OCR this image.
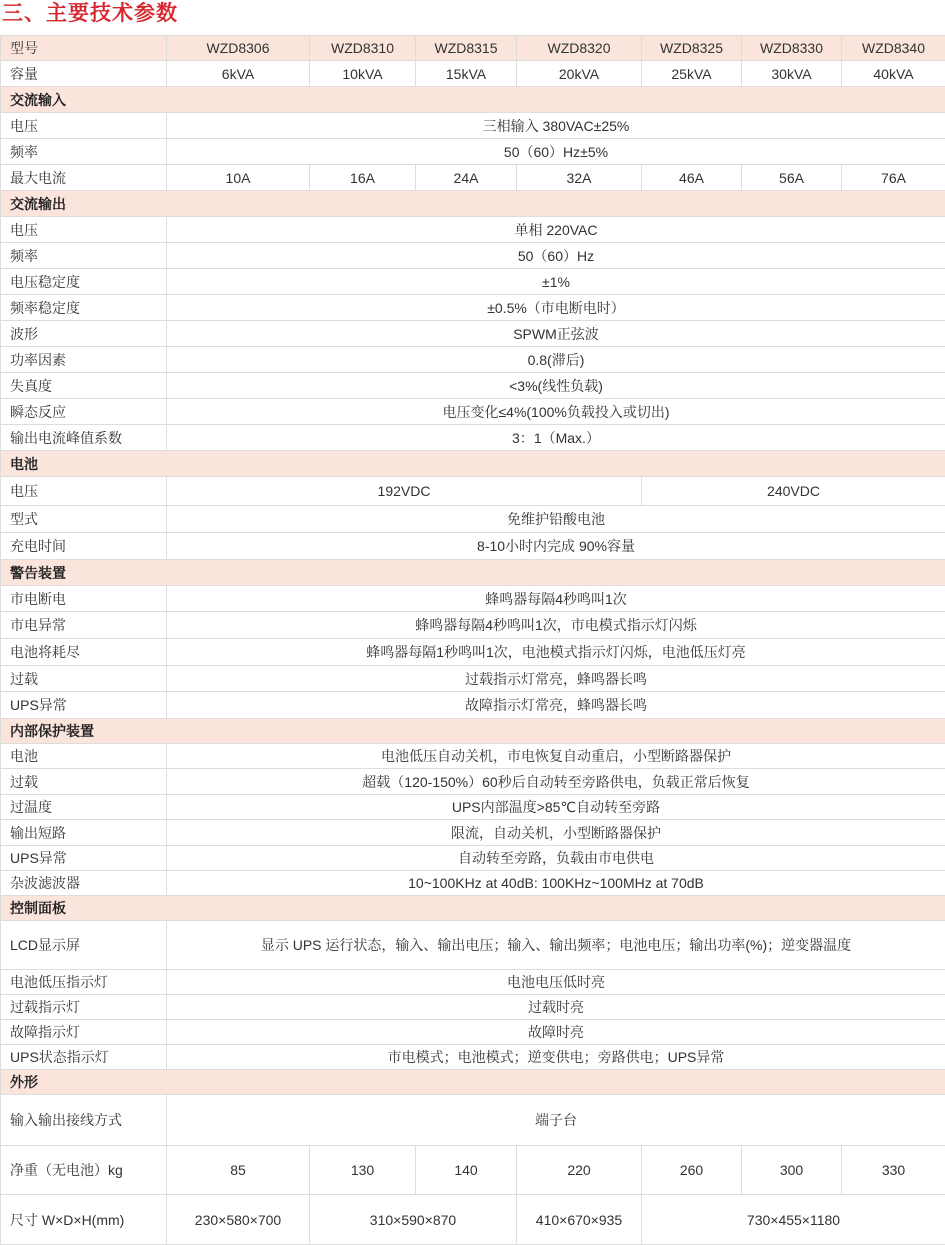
三、主要技术参数
型号	WZD8306	WZD8310	WZD8315	WZD8320	WZD8325	WZD8330	WZD8340
容量	6kVA	10kVA	15kVA	20kVA	25kVA	30kVA	40kVA
交流输入							
电压	三相输入 380VAC±25%						
频率	50（60）Hz±5%						
最大电流	10A	16A	24A	32A	46A	56A	76A
交流输出							
电压	单相 220VAC						
频率	50（60）Hz						
电压稳定度	±1%						
频率稳定度	±0.5%（市电断电时）						
波形	SPWM正弦波						
功率因素	0.8(滞后)						
失真度	<3%(线性负载)						
瞬态反应	电压变化≤4%(100%负载投入或切出)						
输出电流峰值系数	3：1（Max.）						
电池							
电压	192VDC				240VDC		
型式	免维护铅酸电池						
充电时间	8-10小时内完成 90%容量						
警告装置							
市电断电	蜂鸣器每隔4秒鸣叫1次						
市电异常	蜂鸣器每隔4秒鸣叫1次，市电模式指示灯闪烁						
电池将耗尽	蜂鸣器每隔1秒鸣叫1次，电池模式指示灯闪烁，电池低压灯亮						
过载	过载指示灯常亮，蜂鸣器长鸣						
UPS异常	故障指示灯常亮，蜂鸣器长鸣						
内部保护装置							
电池	电池低压自动关机，市电恢复自动重启，小型断路器保护						
过载	超载（120-150%）60秒后自动转至旁路供电，负载正常后恢复						
过温度	UPS内部温度>85℃自动转至旁路						
输出短路	限流，自动关机，小型断路器保护						
UPS异常	自动转至旁路，负载由市电供电						
杂波滤波器	10~100KHz at 40dB: 100KHz~100MHz at 70dB						
控制面板							
LCD显示屏	显示 UPS 运行状态，输入、输出电压；输入、输出频率；电池电压；输出功率(%)；逆变器温度						
电池低压指示灯	电池电压低时亮						
过载指示灯	过载时亮						
故障指示灯	故障时亮						
UPS状态指示灯	市电模式；电池模式；逆变供电；旁路供电；UPS异常						
外形							
输入输出接线方式	端子台						
净重（无电池）kg	85	130	140	220	260	300	330
尺寸 W×D×H(mm)	230×580×700	310×590×870		410×670×935	730×455×1180		
